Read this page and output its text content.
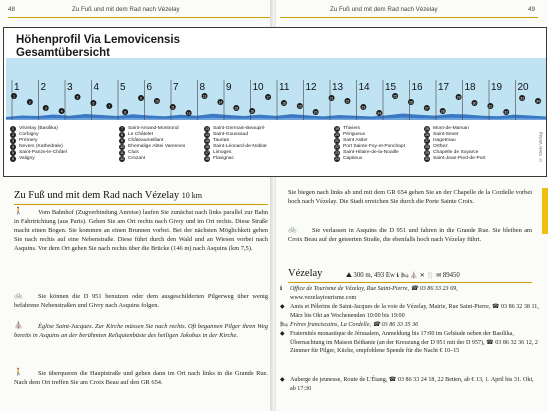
48	Zu Fuß und mit dem Rad nach Vézelay
Zu Fuß und mit dem Rad nach Vézelay 10 km
🚶	Vom Bahnhof (Zugverbindung Anreise) laufen Sie zunächst nach links parallel zur Bahn in Fahrtrichtung (aus Paris). Gehen Sie am Ort rechts nach Givry und im Ort rechts. Diese Straße macht einen Bogen. Sie kommen an einen Brunnen vorbei. Bei der nächsten Möglichkeit gehen Sie nach rechts auf eine Nebenstraße. Diese führt durch den Wald und an Wiesen vorbei nach Asquins. Vor dem Ort gehen Sie nach rechts über die Brücke (146 m) nach Asquins (km 7,5).
🚲	Sie können die D 951 benutzen oder dem ausgeschilderten Pilgerweg über wenig befahrene Nebenstraßen und Givry nach Asquins folgen.
⛪	Église Saint-Jacques. Zur Kirche müssen Sie nach rechts. Oft begannen Pilger ihren Weg bereits in Asquins an der berühmten Reliquienbüste des heiligen Jakobus in der Kirche.
🚶	Sie überqueren die Hauptstraße und gehen dann im Ort nach links in die Grande Rue. Nach dem Ort treffen Sie am Croix Beau auf den GR 654.
Zu Fuß und mit dem Rad nach Vézelay	49
Sie biegen nach links ab und mit dem GR 654 gehen Sie an der Chapelle de la Cordelle vorbei hoch nach Vézelay. Die Stadt erreichen Sie durch die Porte Sainte Croix.
🚲	Sie verlassen in Asquins die D 951 und fahren in die Grande Rue. Sie bleiben am Croix Beau auf der geteerten Straße, die ebenfalls hoch nach Vézelay führt.
Vézelay	⛰ 300 m, 493 Ew ℹ 🛏 ⛪ ✕ 🍴 ✉ 89450
ℹ Office de Tourisme de Vézelay, Rue Saint-Pierre, ☎ 03 86 33 23 69,
www.vezelaytourisme.com
◆ Amis et Pèlerins de Saint-Jacques de la voie de Vézelay, Mairie, Rue Saint-Pierre, ☎ 03 86 32 38 11, März bis Okt an Wochenenden 10:00 bis 19:00
🛏 Frères franciscains, La Cordelle, ☎ 03 86 33 35 36
◆ Fraternités monastique de Jérusalem, Anmeldung bis 17:00 im Gebäude neben der Basilika, Übernachtung im Maison Béthanie (an der Kreuzung der D 951 mit der D 957), ☎ 03 86 32 36 12, 2 Zimmer für Pilger, Küche, empfohlene Spende für die Nacht € 10–15
◆ Auberge de jeunesse, Route de L'Étang, ☎ 03 86 33 24 18, 22 Betten, ab € 13, 1. April bis 31. Okt, ab 17:30
1 2 3 4 5 6 7 8 9 10 11 12 13 14 15 16 17 18 19 20
1
2
3
4
5
6
7
8
9
10
11
12
13
14
15
16
17
18
19
20
21
22
23
24
25
26
27
28
29
30
31
32
33
34
Höhenprofil Via Lemovicensis
Gesamtübersicht
1	Vézelay (Basilika)
2	Corbigny
3	Prémery
4	Nevers (Kathedrale)
5	Saint-Parize-le-Châtel
6	Valigny
7	Saint-Amand-Montrond
8	Le Châtelet
9	Châteaumeillant
10 Ehemalige Abtei Varennes
11 Cluis
12 Crozant
13 Saint-Germain-Beaupré
14 Saint-Goussaud
15 Tauriøn
16 Saint-Léonard-de-Noblat
17 Limoges
18 Flavignac
19 Thiviers
20 Périgueux
21 Saint Astier
22 Port Sainte-Foy-et-Ponchapt
23 Saint-Hilaire-de-la-Noaille
24 Captieux
25 Mont-de-Marsan
26 Saint-Sever
27 Hagetmau
28 Orthez
29 Chapelle de Soyarce
30 Saint-Jean-Pied-de-Port	© Stein Verlag
